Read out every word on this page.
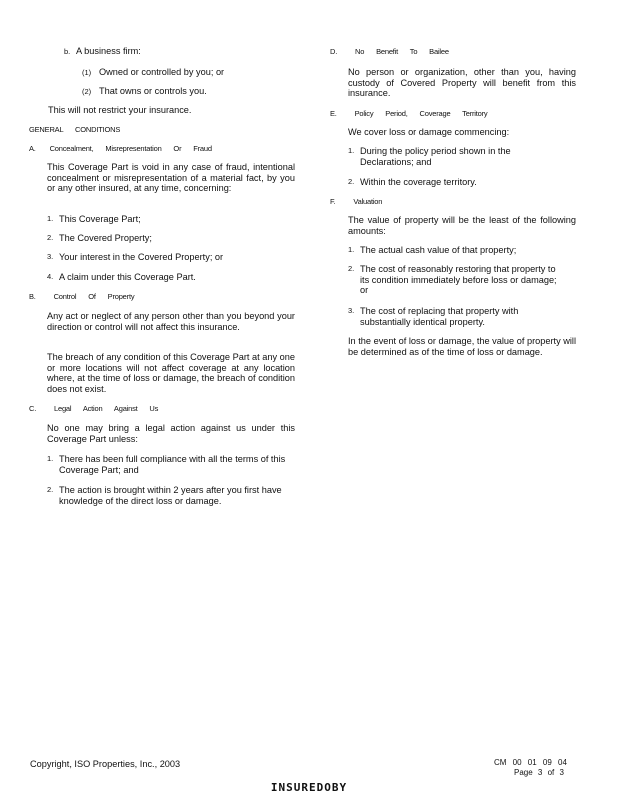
b. A business firm:
(1) Owned or controlled by you; or
(2) That owns or controls you.
This will not restrict your insurance.
GENERAL CONDITIONS
A. Concealment, Misrepresentation Or Fraud

This Coverage Part is void in any case of fraud, intentional concealment or misrepresentation of a material fact, by you or any other insured, at any time, concerning:

1. This Coverage Part;
2. The Covered Property;
3. Your interest in the Covered Property; or
4. A claim under this Coverage Part.
B. Control Of Property

Any act or neglect of any person other than you beyond your direction or control will not affect this insurance.

The breach of any condition of this Coverage Part at any one or more locations will not affect coverage at any location where, at the time of loss or damage, the breach of condition does not exist.

C. Legal Action Against Us

No one may bring a legal action against us under this Coverage Part unless:

1. There has been full compliance with all the terms of this Coverage Part; and
2. The action is brought within 2 years after you first have knowledge of the direct loss or damage.
D. No Benefit To Bailee

No person or organization, other than you, having custody of Covered Property will benefit from this insurance.

E. Policy Period, Coverage Territory

We cover loss or damage commencing:

1. During the policy period shown in the Declarations; and
2. Within the coverage territory.
F. Valuation

The value of property will be the least of the following amounts:

1. The actual cash value of that property;
2. The cost of reasonably restoring that property to its condition immediately before loss or damage; or
3. The cost of replacing that property with substantially identical property.

In the event of loss or damage, the value of property will be determined as of the time of loss or damage.

Copyright, ISO Properties, Inc., 2003	CM 00 01 09 04
Page 3 of 3
INSUREDOBY
